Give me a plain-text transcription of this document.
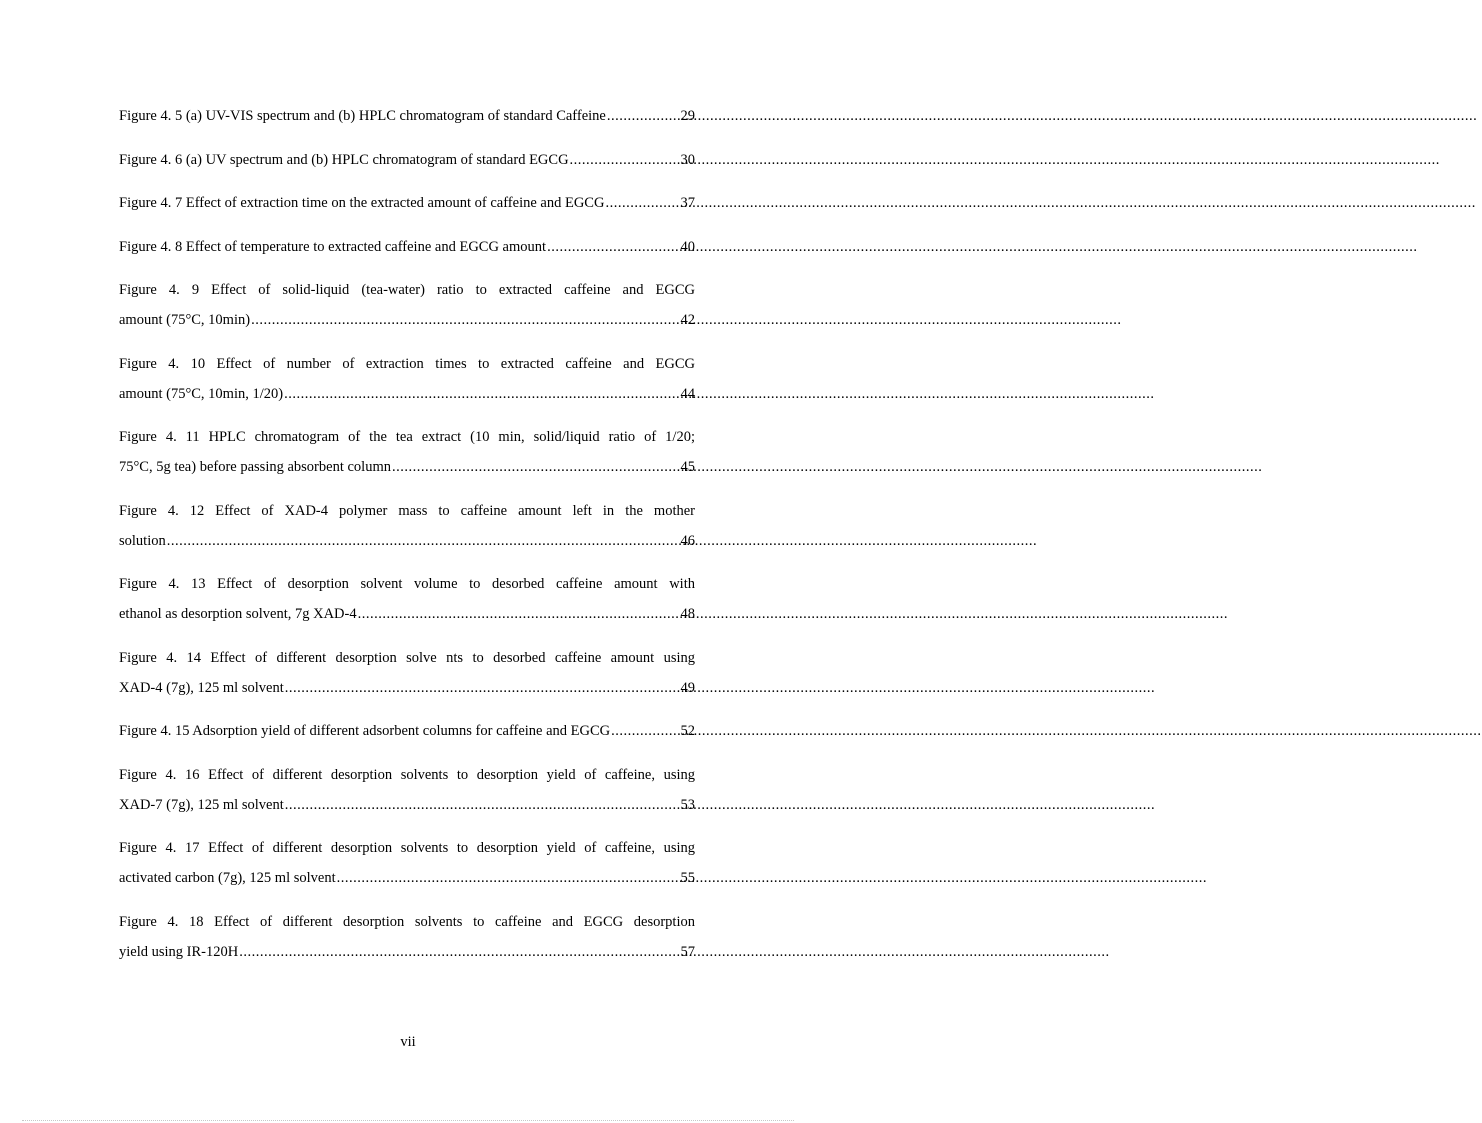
Figure 4. 5 (a) UV-VIS spectrum and (b) HPLC chromatogram of standard Caffeine .....	29
Figure 4. 6 (a) UV spectrum and (b) HPLC chromatogram of standard EGCG .....	30
Figure 4. 7 Effect of extraction time on the extracted amount of caffeine and EGCG .....	37
Figure 4. 8 Effect of temperature to extracted caffeine and EGCG amount .....	40
Figure 4. 9 Effect of solid-liquid (tea-water) ratio to extracted caffeine and EGCG
amount (75°C, 10min) .....	42
Figure 4. 10 Effect of number of extraction times to extracted caffeine and EGCG
amount (75°C, 10min, 1/20) .....	44
Figure 4. 11 HPLC chromatogram of the tea extract (10 min, solid/liquid ratio of 1/20;
75°C, 5g tea) before passing absorbent column .....	45
Figure 4. 12 Effect of XAD-4 polymer mass to caffeine amount left in the mother
solution .....	46
Figure 4. 13 Effect of desorption solvent volume to desorbed caffeine amount with
ethanol as desorption solvent, 7g XAD-4 .....	48
Figure 4. 14 Effect of different desorption solve nts to desorbed caffeine amount using
XAD-4 (7g), 125 ml solvent .....	49
Figure 4. 15 Adsorption yield of different adsorbent columns for caffeine and EGCG .....	52
Figure 4. 16 Effect of different desorption solvents to desorption yield of caffeine, using
XAD-7 (7g), 125 ml solvent .....	53
Figure 4. 17 Effect of different desorption solvents to desorption yield of caffeine, using
activated carbon (7g), 125 ml solvent .....	55
Figure 4. 18 Effect of different desorption solvents to caffeine and EGCG desorption
yield using IR-120H .....	57
vii
